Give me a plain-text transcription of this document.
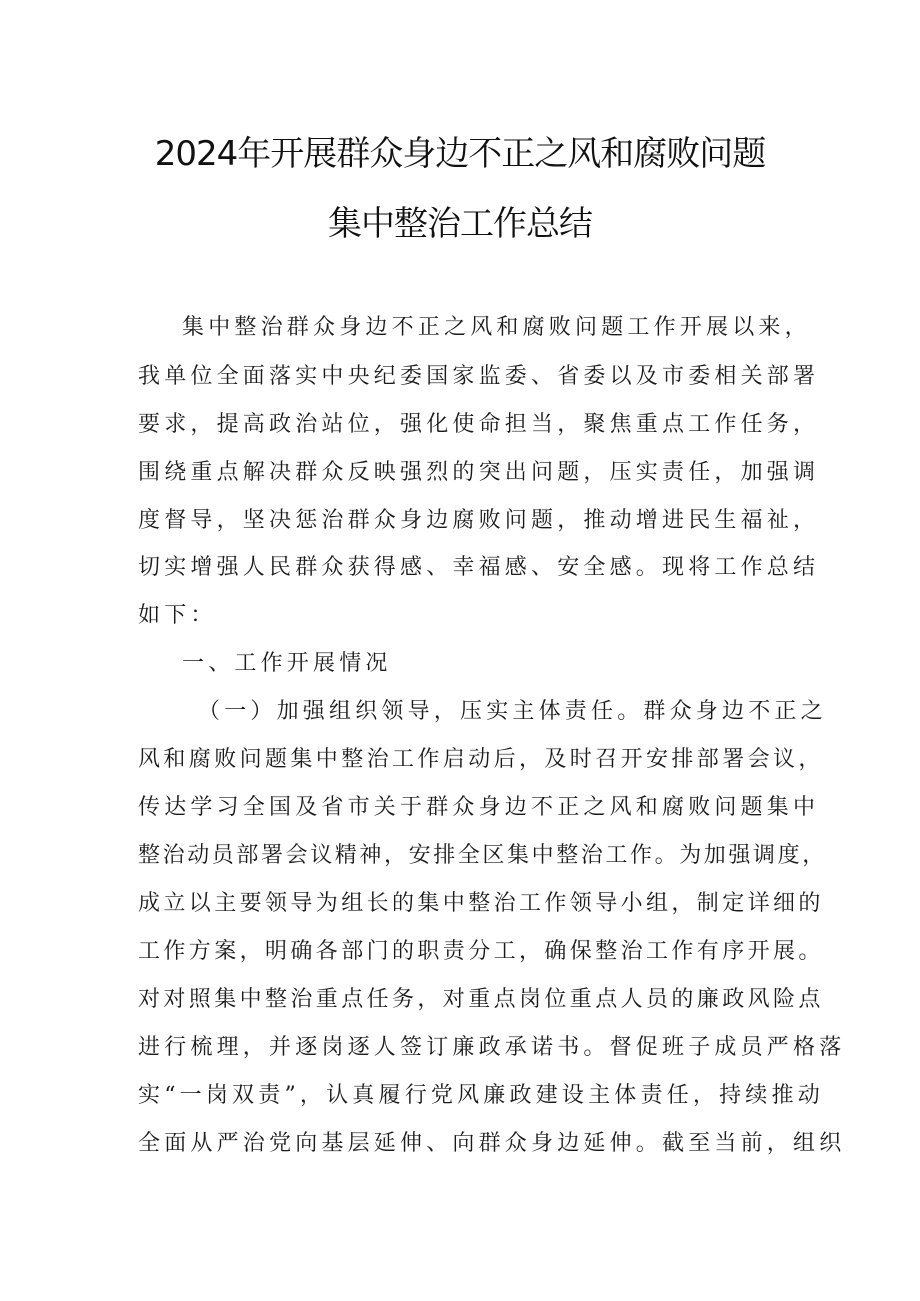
2024年开展群众身边不正之风和腐败问题
集中整治工作总结

集中整治群众身边不正之风和腐败问题工作开展以来，

我单位全面落实中央纪委国家监委、省委以及市委相关部署

要求，提高政治站位，强化使命担当，聚焦重点工作任务，

围绕重点解决群众反映强烈的突出问题，压实责任，加强调

度督导，坚决惩治群众身边腐败问题，推动增进民生福祉，

切实增强人民群众获得感、幸福感、安全感。现将工作总结

如下：

一、工作开展情况

（一）加强组织领导，压实主体责任。群众身边不正之

风和腐败问题集中整治工作启动后，及时召开安排部署会议，

传达学习全国及省市关于群众身边不正之风和腐败问题集中

整治动员部署会议精神，安排全区集中整治工作。为加强调度，

成立以主要领导为组长的集中整治工作领导小组，制定详细的

工作方案，明确各部门的职责分工，确保整治工作有序开展。

对对照集中整治重点任务，对重点岗位重点人员的廉政风险点

进行梳理，并逐岗逐人签订廉政承诺书。督促班子成员严格落

实“一岗双责”，认真履行党风廉政建设主体责任，持续推动

全面从严治党向基层延伸、向群众身边延伸。截至当前，组织
